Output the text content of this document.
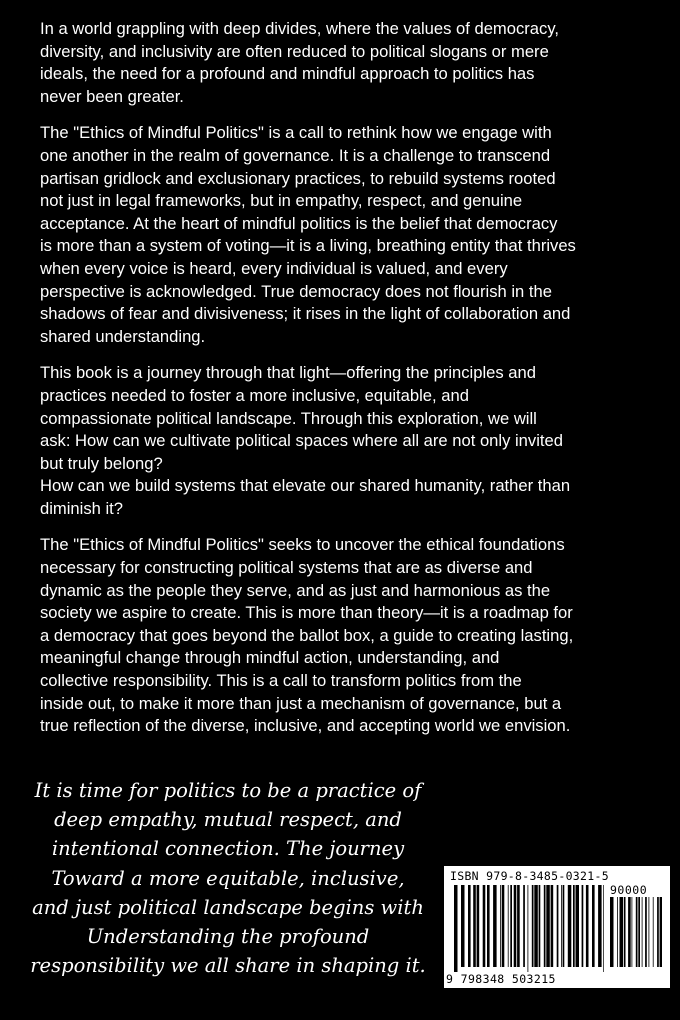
In a world grappling with deep divides, where the values of democracy,
diversity, and inclusivity are often reduced to political slogans or mere
ideals, the need for a profound and mindful approach to politics has
never been greater.

The "Ethics of Mindful Politics" is a call to rethink how we engage with
one another in the realm of governance. It is a challenge to transcend
partisan gridlock and exclusionary practices, to rebuild systems rooted
not just in legal frameworks, but in empathy, respect, and genuine
acceptance. At the heart of mindful politics is the belief that democracy
is more than a system of voting—it is a living, breathing entity that thrives
when every voice is heard, every individual is valued, and every
perspective is acknowledged. True democracy does not flourish in the
shadows of fear and divisiveness; it rises in the light of collaboration and
shared understanding.

This book is a journey through that light—offering the principles and
practices needed to foster a more inclusive, equitable, and
compassionate political landscape. Through this exploration, we will
ask: How can we cultivate political spaces where all are not only invited
but truly belong?
How can we build systems that elevate our shared humanity, rather than
diminish it?

The "Ethics of Mindful Politics" seeks to uncover the ethical foundations
necessary for constructing political systems that are as diverse and
dynamic as the people they serve, and as just and harmonious as the
society we aspire to create. This is more than theory—it is a roadmap for
a democracy that goes beyond the ballot box, a guide to creating lasting,
meaningful change through mindful action, understanding, and
collective responsibility. This is a call to transform politics from the
inside out, to make it more than just a mechanism of governance, but a
true reflection of the diverse, inclusive, and accepting world we envision.

It is time for politics to be a practice of
deep empathy, mutual respect, and
intentional connection. The journey
Toward a more equitable, inclusive,
and just political landscape begins with
Understanding the profound
responsibility we all share in shaping it.
ISBN 979-8-3485-0321-5
90000
9 798348 503215
